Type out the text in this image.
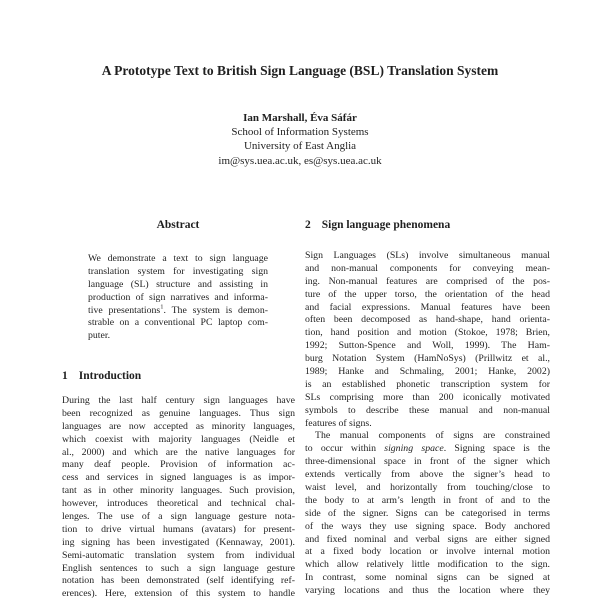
A Prototype Text to British Sign Language (BSL) Translation System
Ian Marshall, Éva Sáfár
School of Information Systems
University of East Anglia
im@sys.uea.ac.uk, es@sys.uea.ac.uk
Abstract
We demonstrate a text to sign language
translation system for investigating sign
language (SL) structure and assisting in
production of sign narratives and informa-
tive presentations$^1$. The system is demon-
strable on a conventional PC laptop com-
puter.
1 Introduction
During the last half century sign languages have
been recognized as genuine languages. Thus sign
languages are now accepted as minority languages,
which coexist with majority languages (Neidle et
al., 2000) and which are the native languages for
many deaf people. Provision of information ac-
cess and services in signed languages is as impor-
tant as in other minority languages. Such provision,
however, introduces theoretical and technical chal-
lenges. The use of a sign language gesture nota-
tion to drive virtual humans (avatars) for present-
ing signing has been investigated (Kennaway, 2001).
Semi-automatic translation system from individual
English sentences to such a sign language gesture
notation has been demonstrated (self identifying ref-
erences). Here, extension of this system to handle
2 Sign language phenomena
Sign Languages (SLs) involve simultaneous manual
and non-manual components for conveying mean-
ing. Non-manual features are comprised of the pos-
ture of the upper torso, the orientation of the head
and facial expressions. Manual features have been
often been decomposed as hand-shape, hand orienta-
tion, hand position and motion (Stokoe, 1978; Brien,
1992; Sutton-Spence and Woll, 1999). The Ham-
burg Notation System (HamNoSys) (Prillwitz et al.,
1989; Hanke and Schmaling, 2001; Hanke, 2002)
is an established phonetic transcription system for
SLs comprising more than 200 iconically motivated
symbols to describe these manual and non-manual
features of signs.
The manual components of signs are constrained
to occur within signing space. Signing space is the
three-dimensional space in front of the signer which
extends vertically from above the signer’s head to
waist level, and horizontally from touching/close to
the body to at arm’s length in front of and to the
side of the signer. Signs can be categorised in terms
of the ways they use signing space. Body anchored
and fixed nominal and verbal signs are either signed
at a fixed body location or involve internal motion
which allow relatively little modification to the sign.
In contrast, some nominal signs can be signed at
varying locations and thus the location where they
